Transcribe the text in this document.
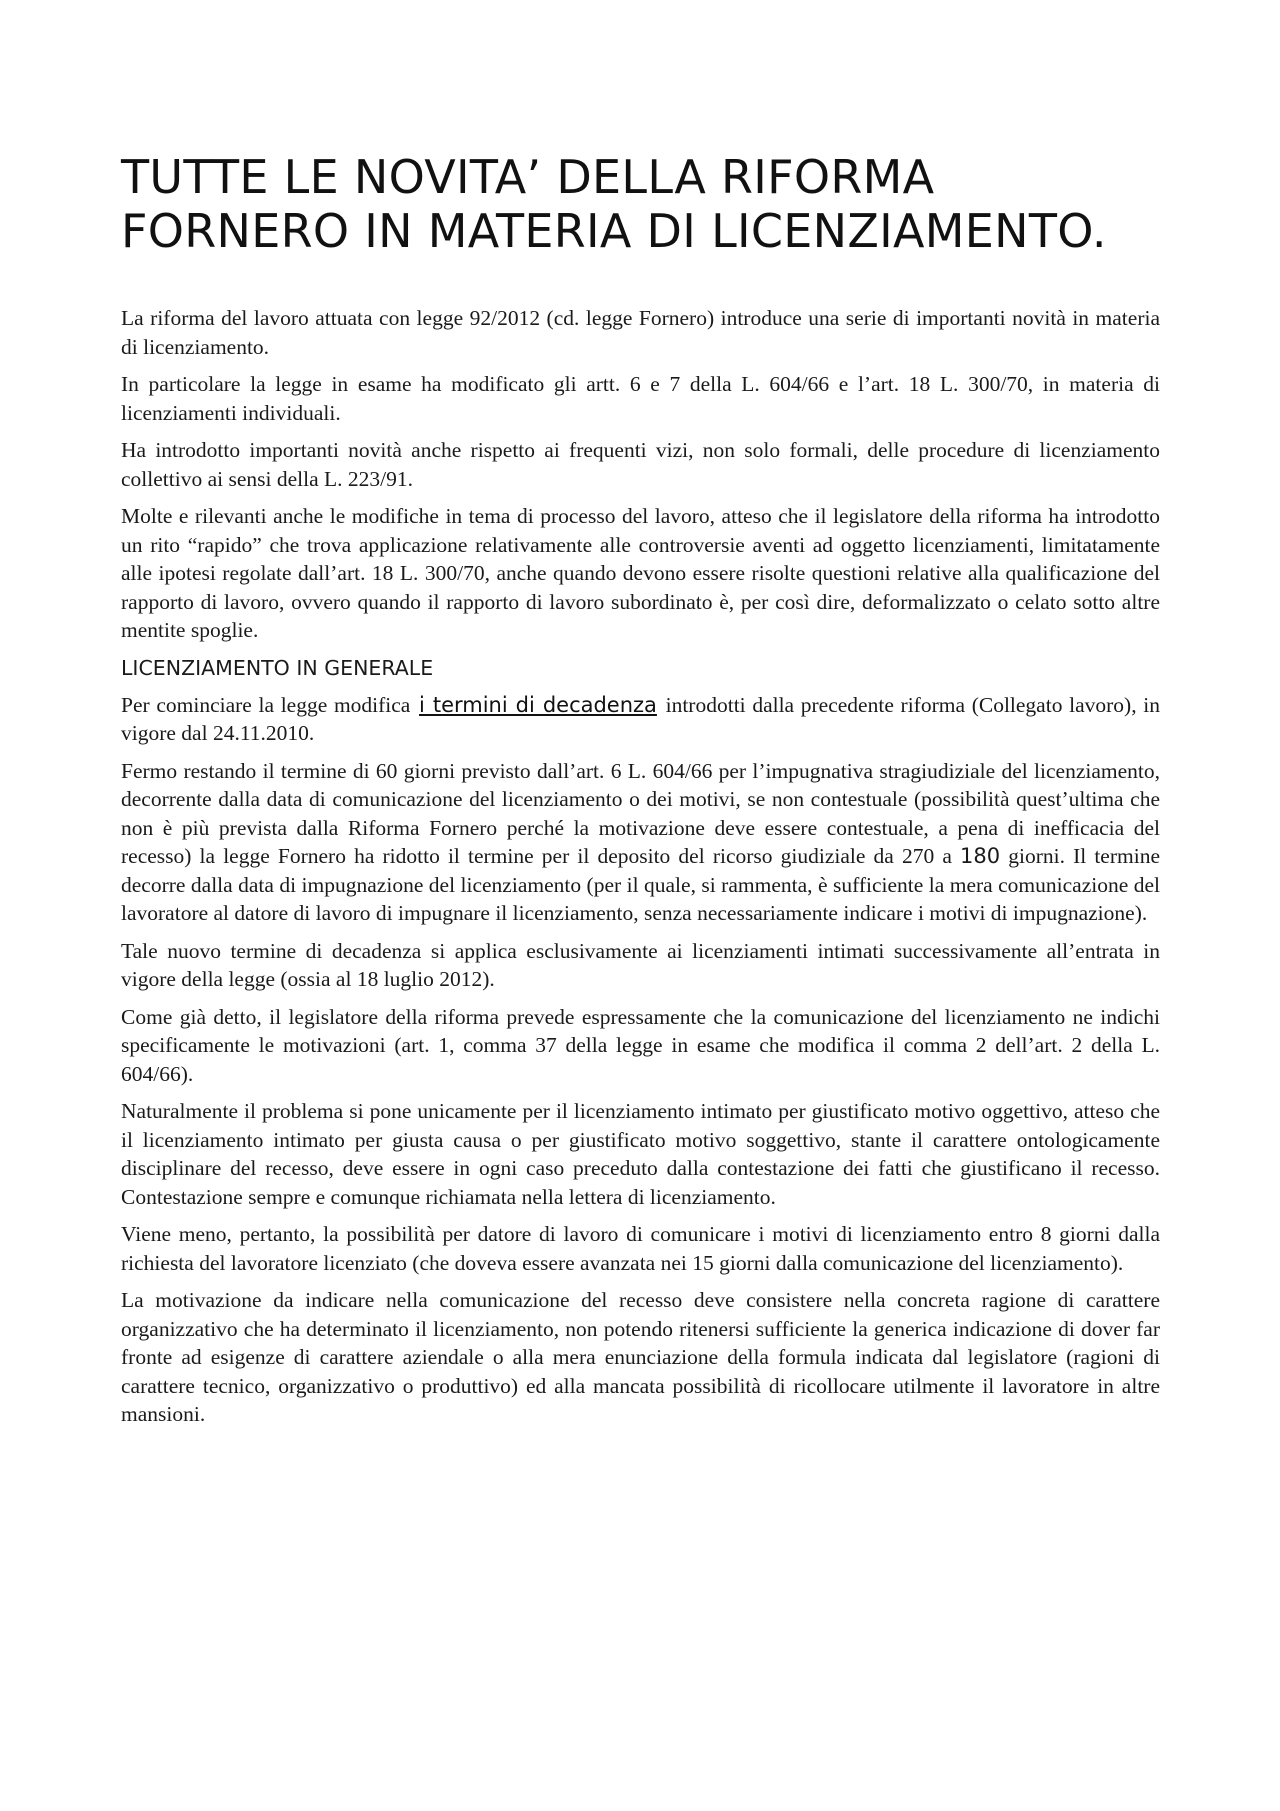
TUTTE LE NOVITA’ DELLA RIFORMA FORNERO IN MATERIA DI LICENZIAMENTO.

La riforma del lavoro attuata con legge 92/2012 (cd. legge Fornero) introduce una serie di importanti novità in materia di licenziamento.

In particolare la legge in esame ha modificato gli artt. 6 e 7 della L. 604/66 e l’art. 18 L. 300/70, in materia di licenziamenti individuali.

Ha introdotto importanti novità anche rispetto ai frequenti vizi, non solo formali, delle procedure di licenziamento collettivo ai sensi della L. 223/91.

Molte e rilevanti anche le modifiche in tema di processo del lavoro, atteso che il legislatore della riforma ha introdotto un rito “rapido” che trova applicazione relativamente alle controversie aventi ad oggetto licenziamenti, limitatamente alle ipotesi regolate dall’art. 18 L. 300/70, anche quando devono essere risolte questioni relative alla qualificazione del rapporto di lavoro, ovvero quando il rapporto di lavoro subordinato è, per così dire, deformalizzato o celato sotto altre mentite spoglie.

LICENZIAMENTO IN GENERALE

Per cominciare la legge modifica i termini di decadenza introdotti dalla precedente riforma (Collegato lavoro), in vigore dal 24.11.2010.

Fermo restando il termine di 60 giorni previsto dall’art. 6 L. 604/66 per l’impugnativa stragiudiziale del licenziamento, decorrente dalla data di comunicazione del licenziamento o dei motivi, se non contestuale (possibilità quest’ultima che non è più prevista dalla Riforma Fornero perché la motivazione deve essere contestuale, a pena di inefficacia del recesso) la legge Fornero ha ridotto il termine per il deposito del ricorso giudiziale da 270 a 180 giorni. Il termine decorre dalla data di impugnazione del licenziamento (per il quale, si rammenta, è sufficiente la mera comunicazione del lavoratore al datore di lavoro di impugnare il licenziamento, senza necessariamente indicare i motivi di impugnazione).

Tale nuovo termine di decadenza si applica esclusivamente ai licenziamenti intimati successivamente all’entrata in vigore della legge (ossia al 18 luglio 2012).

Come già detto, il legislatore della riforma prevede espressamente che la comunicazione del licenziamento ne indichi specificamente le motivazioni (art. 1, comma 37 della legge in esame che modifica il comma 2 dell’art. 2 della L. 604/66).

Naturalmente il problema si pone unicamente per il licenziamento intimato per giustificato motivo oggettivo, atteso che il licenziamento intimato per giusta causa o per giustificato motivo soggettivo, stante il carattere ontologicamente disciplinare del recesso, deve essere in ogni caso preceduto dalla contestazione dei fatti che giustificano il recesso. Contestazione sempre e comunque richiamata nella lettera di licenziamento.

Viene meno, pertanto, la possibilità per datore di lavoro di comunicare i motivi di licenziamento entro 8 giorni dalla richiesta del lavoratore licenziato (che doveva essere avanzata nei 15 giorni dalla comunicazione del licenziamento).

La motivazione da indicare nella comunicazione del recesso deve consistere nella concreta ragione di carattere organizzativo che ha determinato il licenziamento, non potendo ritenersi sufficiente la generica indicazione di dover far fronte ad esigenze di carattere aziendale o alla mera enunciazione della formula indicata dal legislatore (ragioni di carattere tecnico, organizzativo o produttivo) ed alla mancata possibilità di ricollocare utilmente il lavoratore in altre mansioni.
